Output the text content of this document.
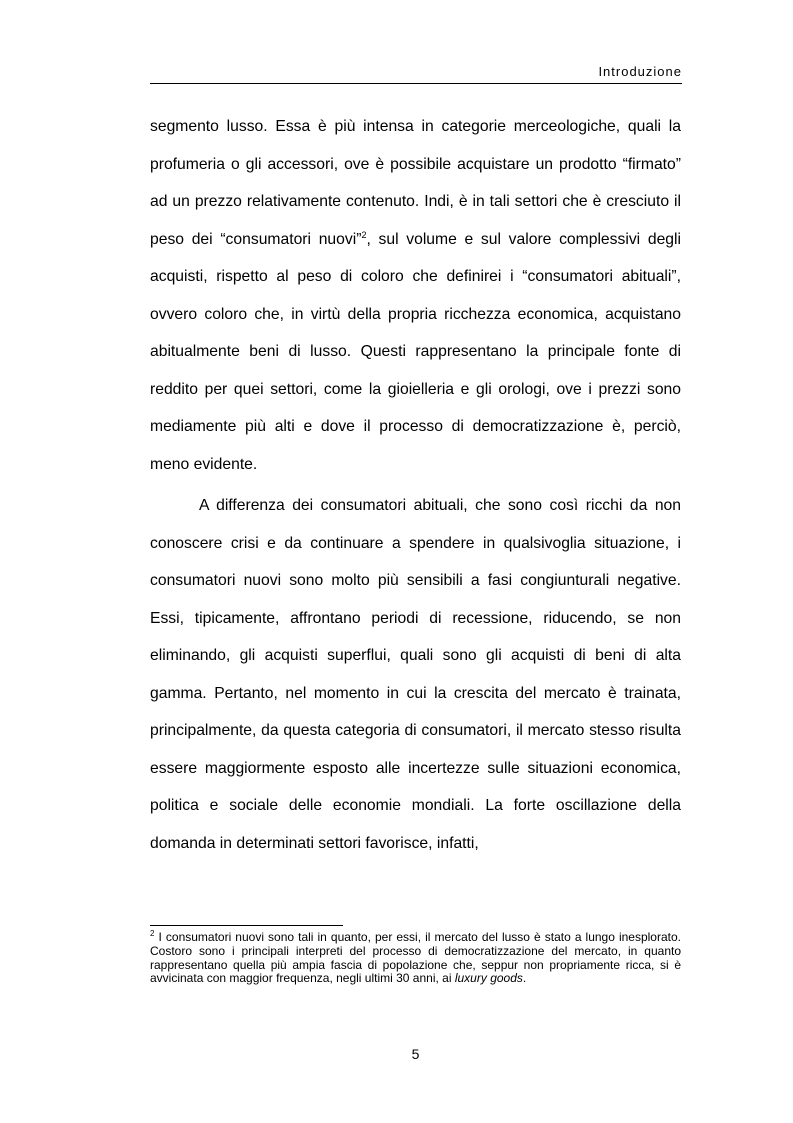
Introduzione

segmento lusso. Essa è più intensa in categorie merceologiche, quali la profumeria o gli accessori, ove è possibile acquistare un prodotto “firmato” ad un prezzo relativamente contenuto. Indi, è in tali settori che è cresciuto il peso dei “consumatori nuovi”$^2$, sul volume e sul valore complessivi degli acquisti, rispetto al peso di coloro che definirei i “consumatori abituali”, ovvero coloro che, in virtù della propria ricchezza economica, acquistano abitualmente beni di lusso. Questi rappresentano la principale fonte di reddito per quei settori, come la gioielleria e gli orologi, ove i prezzi sono mediamente più alti e dove il processo di democratizzazione è, perciò, meno evidente.

A differenza dei consumatori abituali, che sono così ricchi da non conoscere crisi e da continuare a spendere in qualsivoglia situazione, i consumatori nuovi sono molto più sensibili a fasi congiunturali negative. Essi, tipicamente, affrontano periodi di recessione, riducendo, se non eliminando, gli acquisti superflui, quali sono gli acquisti di beni di alta gamma. Pertanto, nel momento in cui la crescita del mercato è trainata, principalmente, da questa categoria di consumatori, il mercato stesso risulta essere maggiormente esposto alle incertezze sulle situazioni economica, politica e sociale delle economie mondiali. La forte oscillazione della domanda in determinati settori favorisce, infatti,

$^2$ I consumatori nuovi sono tali in quanto, per essi, il mercato del lusso è stato a lungo inesplorato. Costoro sono i principali interpreti del processo di democratizzazione del mercato, in quanto rappresentano quella più ampia fascia di popolazione che, seppur non propriamente ricca, si è avvicinata con maggior frequenza, negli ultimi 30 anni, ai luxury goods.

5
